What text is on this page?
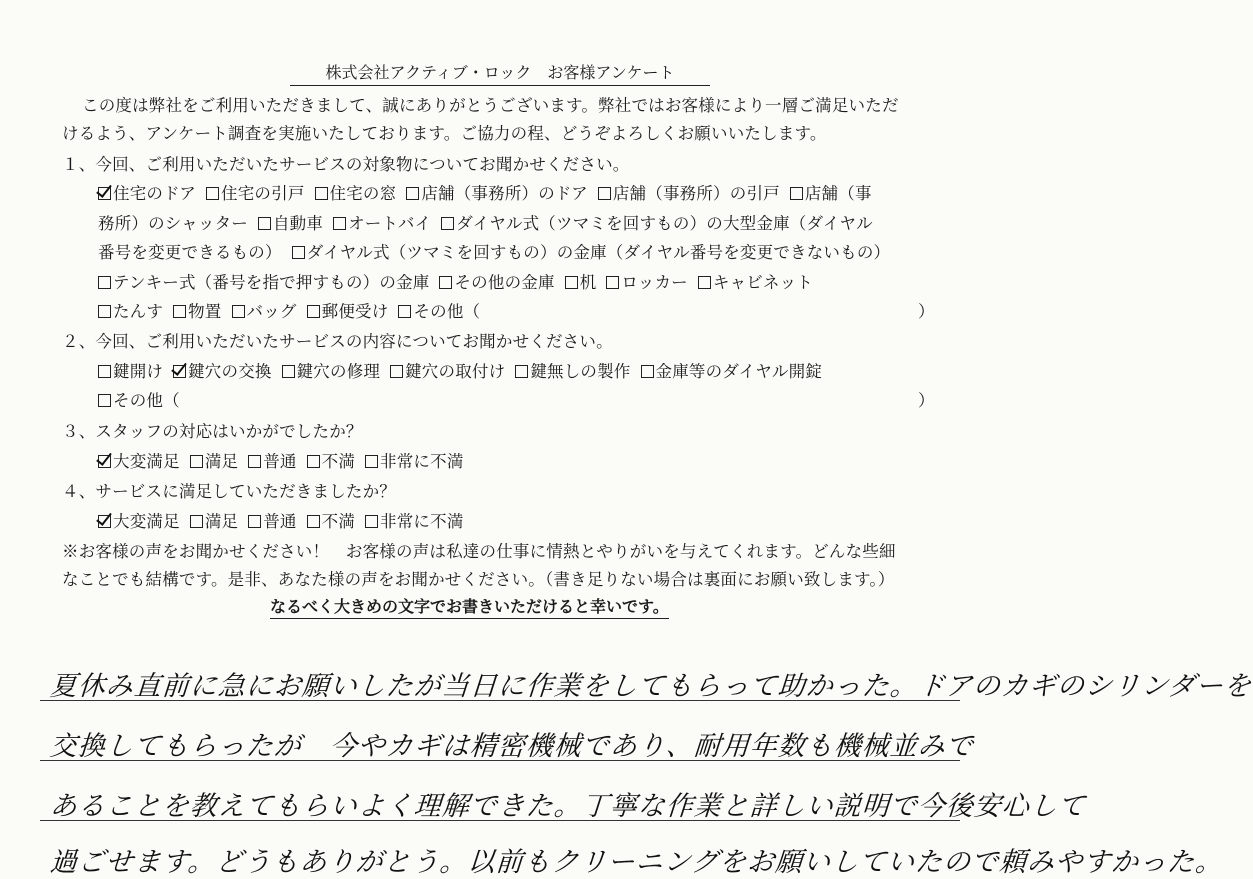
株式会社アクティブ・ロック　お客様アンケート
この度は弊社をご利用いただきまして、誠にありがとうございます。弊社ではお客様により一層ご満足いただ
けるよう、アンケート調査を実施いたしております。ご協力の程、どうぞよろしくお願いいたします。
１、今回、ご利用いただいたサービスの対象物についてお聞かせください。
住宅のドア 住宅の引戸 住宅の窓 店舗（事務所）のドア 店舗（事務所）の引戸 店舗（事
務所）のシャッター 自動車 オートバイ ダイヤル式（ツマミを回すもの）の大型金庫（ダイヤル
番号を変更できるもの） ダイヤル式（ツマミを回すもの）の金庫（ダイヤル番号を変更できないもの）
テンキー式（番号を指で押すもの）の金庫 その他の金庫 机 ロッカー キャビネット
たんす 物置 バッグ 郵便受け その他（	）
２、今回、ご利用いただいたサービスの内容についてお聞かせください。
鍵開け 鍵穴の交換 鍵穴の修理 鍵穴の取付け 鍵無しの製作 金庫等のダイヤル開錠
その他（	）
３、スタッフの対応はいかがでしたか？
大変満足 満足 普通 不満 非常に不満
４、サービスに満足していただきましたか？
大変満足 満足 普通 不満 非常に不満
※お客様の声をお聞かせください！　お客様の声は私達の仕事に情熱とやりがいを与えてくれます。どんな些細
なことでも結構です。是非、あなた様の声をお聞かせください。（書き足りない場合は裏面にお願い致します。）
なるべく大きめの文字でお書きいただけると幸いです。
夏休み直前に急にお願いしたが当日に作業をしてもらって助かった。ドアのカギのシリンダーを
交換してもらったが　今やカギは精密機械であり、耐用年数も機械並みで
あることを教えてもらいよく理解できた。丁寧な作業と詳しい説明で今後安心して
過ごせます。どうもありがとう。以前もクリーニングをお願いしていたので頼みやすかった。
